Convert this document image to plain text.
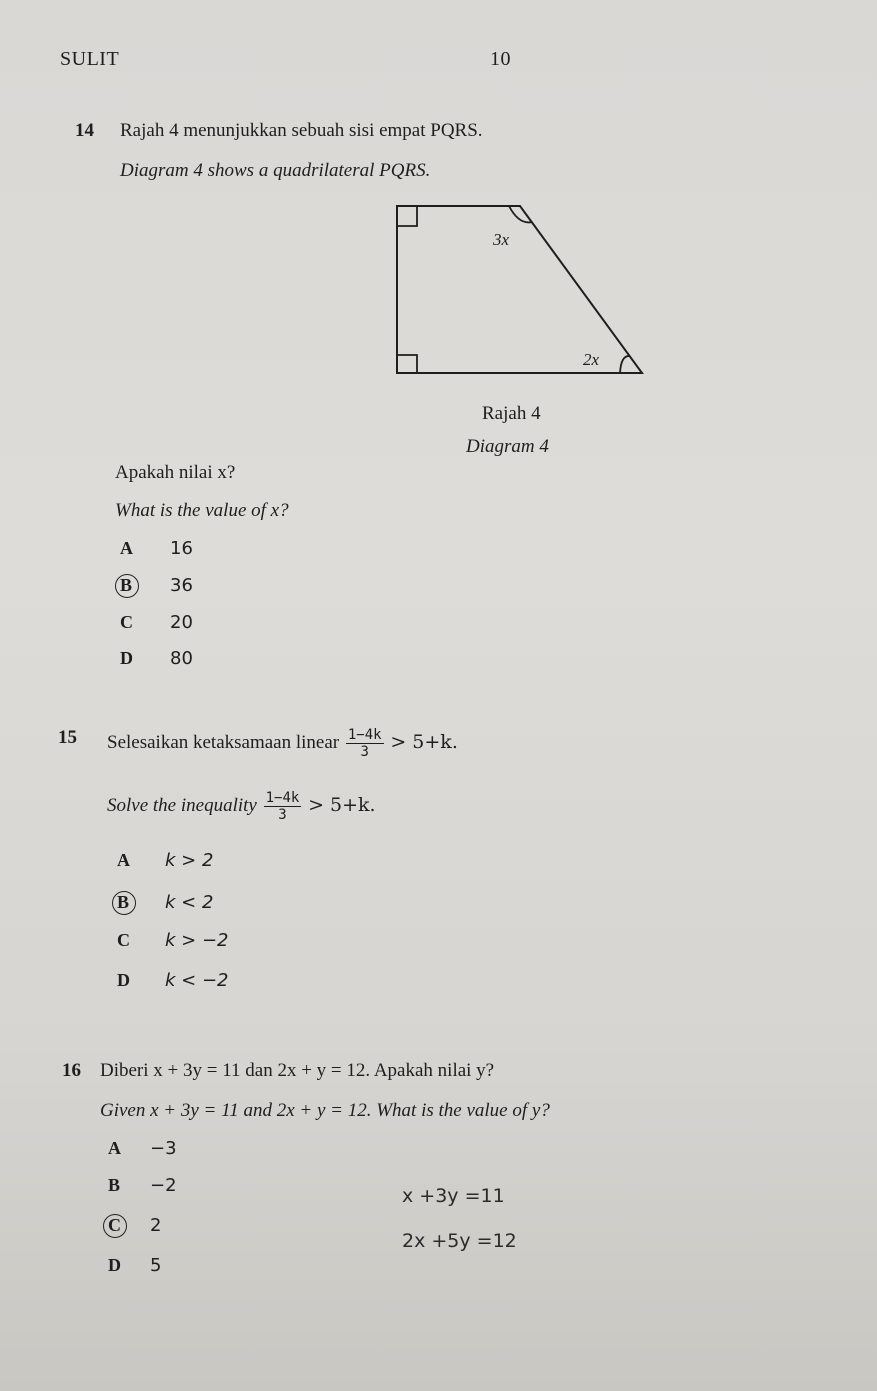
SULIT	10
14 Rajah 4 menunjukkan sebuah sisi empat PQRS.
Diagram 4 shows a quadrilateral PQRS.
3x
2x
Rajah 4
Diagram 4
Apakah nilai x?
What is the value of x?
A 16
B 36
C 20
D 80
15 Selesaikan ketaksamaan linear $\frac{1-4k}{3} > 5+k$.
Solve the inequality $\frac{1-4k}{3} > 5+k$.
A k > 2
B k < 2
C k > −2
D k < −2
16 Diberi x + 3y = 11 dan 2x + y = 12. Apakah nilai y?
Given x + 3y = 11 and 2x + y = 12. What is the value of y?
A −3
B −2
C 2
D 5
x +3y =11
2x +5y =12
